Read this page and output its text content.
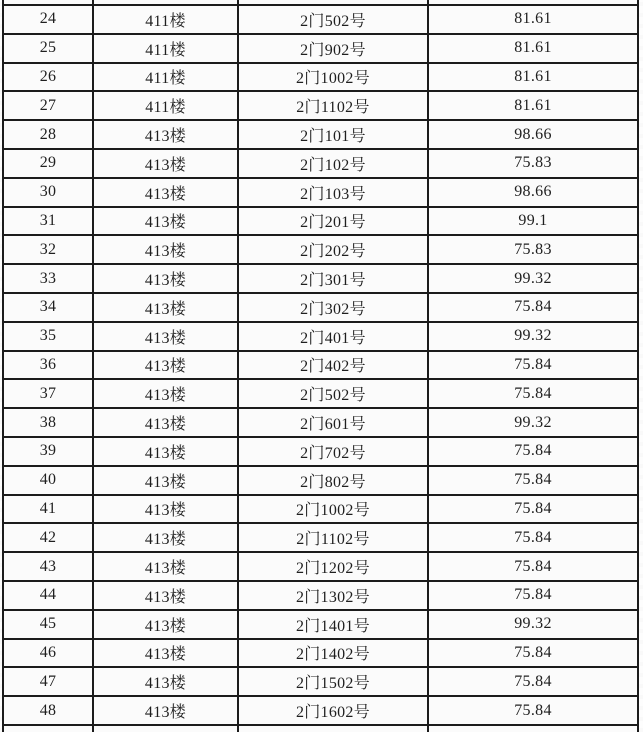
24	411楼	2门502号	81.61
25	411楼	2门902号	81.61
26	411楼	2门1002号	81.61
27	411楼	2门1102号	81.61
28	413楼	2门101号	98.66
29	413楼	2门102号	75.83
30	413楼	2门103号	98.66
31	413楼	2门201号	99.1
32	413楼	2门202号	75.83
33	413楼	2门301号	99.32
34	413楼	2门302号	75.84
35	413楼	2门401号	99.32
36	413楼	2门402号	75.84
37	413楼	2门502号	75.84
38	413楼	2门601号	99.32
39	413楼	2门702号	75.84
40	413楼	2门802号	75.84
41	413楼	2门1002号	75.84
42	413楼	2门1102号	75.84
43	413楼	2门1202号	75.84
44	413楼	2门1302号	75.84
45	413楼	2门1401号	99.32
46	413楼	2门1402号	75.84
47	413楼	2门1502号	75.84
48	413楼	2门1602号	75.84
